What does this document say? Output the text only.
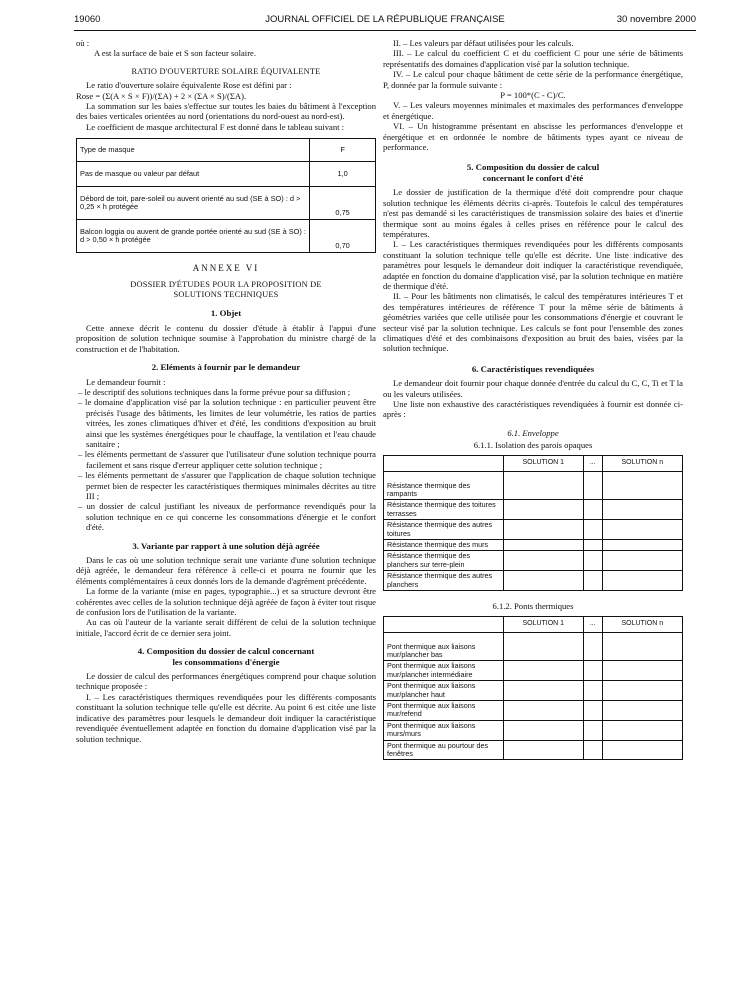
19060	JOURNAL OFFICIEL DE LA RÉPUBLIQUE FRANÇAISE	30 novembre 2000

où :

A est la surface de baie et S son facteur solaire.

RATIO D'OUVERTURE SOLAIRE ÉQUIVALENTE

Le ratio d'ouverture solaire équivalente Rose est défini par :

Rose = (Σ(A × S × F))/(ΣA) + 2 × (ΣA × S)/(ΣA).

La sommation sur les baies s'effectue sur toutes les baies du bâtiment à l'exception des baies verticales orientées au nord (orientations du nord-ouest au nord-est).

Le coefficient de masque architectural F est donné dans le tableau suivant :

Type de masque	F
Pas de masque ou valeur par défaut	1,0
Débord de toit, pare-soleil ou auvent orienté au sud (SE à SO) : d > 0,25 × h protégée	0,75
Balcon loggia ou auvent de grande portée orienté au sud (SE à SO) : d > 0,50 × h protégée	0,70

ANNEXE VI

DOSSIER D'ÉTUDES POUR LA PROPOSITION DE SOLUTIONS TECHNIQUES

1. Objet

Cette annexe décrit le contenu du dossier d'étude à établir à l'appui d'une proposition de solution technique soumise à l'approbation du ministre chargé de la construction et de l'habitation.

2. Eléments à fournir par le demandeur

Le demandeur fournit :

– le descriptif des solutions techniques dans la forme prévue pour sa diffusion ;

– le domaine d'application visé par la solution technique : en particulier peuvent être précisés l'usage des bâtiments, les limites de leur volumétrie, les ratios de parties vitrées, les zones climatiques d'hiver et d'été, les conditions d'exposition au bruit ainsi que les systèmes énergétiques pour le chauffage, la ventilation et l'eau chaude sanitaire ;

– les éléments permettant de s'assurer que l'utilisateur d'une solution technique pourra facilement et sans risque d'erreur appliquer cette solution technique ;

– les éléments permettant de s'assurer que l'application de chaque solution technique permet bien de respecter les caractéristiques thermiques minimales décrites au titre III ;

– un dossier de calcul justifiant les niveaux de performance revendiqués pour la solution technique en ce qui concerne les consommations d'énergie et le confort d'été.

3. Variante par rapport à une solution déjà agréée

Dans le cas où une solution technique serait une variante d'une solution technique déjà agréée, le demandeur fera référence à celle-ci et pourra ne fournir que les éléments complémentaires à ceux donnés lors de la demande d'agrément précédente.

La forme de la variante (mise en pages, typographie...) et sa structure devront être cohérentes avec celles de la solution technique déjà agréée de façon à éviter tout risque de confusion lors de l'utilisation de la variante.

Au cas où l'auteur de la variante serait différent de celui de la solution technique initiale, l'accord écrit de ce dernier sera joint.

4. Composition du dossier de calcul concernant

les consommations d'énergie

Le dossier de calcul des performances énergétiques comprend pour chaque solution technique proposée :

I. – Les caractéristiques thermiques revendiquées pour les différents composants constituant la solution technique telle qu'elle est décrite. Au point 6 est citée une liste indicative des paramètres pour lesquels le demandeur doit indiquer la caractéristique revendiquée éventuellement adaptée en fonction du domaine d'application visé par la solution technique.

II. – Les valeurs par défaut utilisées pour les calculs.

III. – Le calcul du coefficient C et du coefficient C pour une série de bâtiments représentatifs des domaines d'application visé par la solution technique.

IV. – Le calcul pour chaque bâtiment de cette série de la performance énergétique, P, donnée par la formule suivante :

P = 100*(C - C)/C.

V. – Les valeurs moyennes minimales et maximales des performances d'enveloppe et énergétique.

VI. – Un histogramme présentant en abscisse les performances d'enveloppe et énergétique et en ordonnée le nombre de bâtiments types ayant ce niveau de performance.

5. Composition du dossier de calcul

concernant le confort d'été

Le dossier de justification de la thermique d'été doit comprendre pour chaque solution technique les éléments décrits ci-après. Toutefois le calcul des températures n'est pas demandé si les caractéristiques de transmission solaire des baies et d'inertie thermique sont au moins égales à celles prises en référence pour le calcul des températures.

I. – Les caractéristiques thermiques revendiquées pour les différents composants constituant la solution technique telle qu'elle est décrite. Une liste indicative des paramètres pour lesquels le demandeur doit indiquer la caractéristique revendiquée, adaptée en fonction du domaine d'application visé, par la solution technique en matière de thermique d'été.

II. – Pour les bâtiments non climatisés, le calcul des températures intérieures T et des températures intérieures de référence T pour la même série de bâtiments à géométries variées que celle utilisée pour les consommations d'énergie et couvrant le secteur visé par la solution technique. Les calculs se font pour l'ensemble des zones climatiques d'été et des combinaisons d'exposition au bruit des baies, visées par la solution technique.

6. Caractéristiques revendiquées

Le demandeur doit fournir pour chaque donnée d'entrée du calcul du C, C, Ti et T la ou les valeurs utilisées.

Une liste non exhaustive des caractéristiques revendiquées à fournir est donnée ci-après :

6.1. Enveloppe

6.1.1. Isolation des parois opaques

	SOLUTION 1	...	SOLUTION n
Résistance thermique des rampants			
Résistance thermique des toitures terrasses			
Résistance thermique des autres toitures			
Résistance thermique des murs			
Résistance thermique des planchers sur terre-plein			
Résistance thermique des autres planchers			

6.1.2. Ponts thermiques

	SOLUTION 1	...	SOLUTION n
Pont thermique aux liaisons mur/plancher bas			
Pont thermique aux liaisons mur/plancher intermédiaire			
Pont thermique aux liaisons mur/plancher haut			
Pont thermique aux liaisons mur/refend			
Pont thermique aux liaisons murs/murs			
Pont thermique au pourtour des fenêtres			
